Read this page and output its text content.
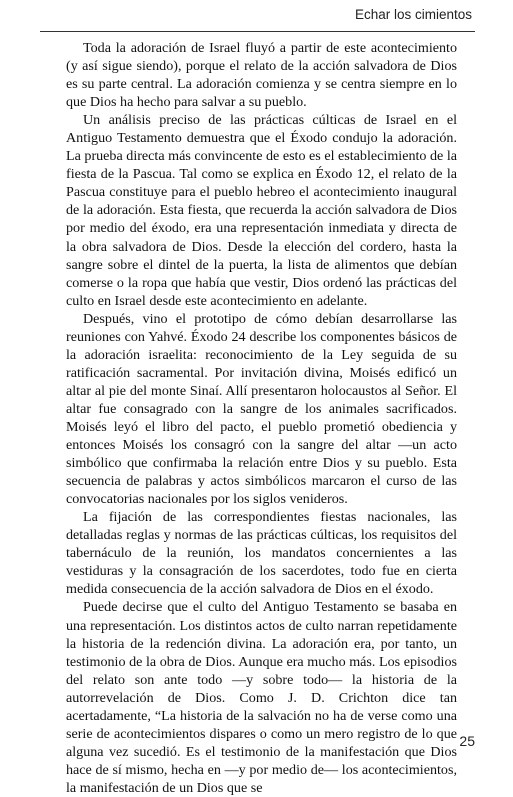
Echar los cimientos

Toda la adoración de Israel fluyó a partir de este acontecimiento (y así sigue siendo), porque el relato de la acción salvadora de Dios es su parte central. La adoración comienza y se centra siempre en lo que Dios ha hecho para salvar a su pueblo.

Un análisis preciso de las prácticas cúlticas de Israel en el Antiguo Testamento demuestra que el Éxodo condujo la adoración. La prueba directa más convincente de esto es el establecimiento de la fiesta de la Pascua. Tal como se explica en Éxodo 12, el relato de la Pascua constituye para el pueblo hebreo el acontecimiento inaugural de la adoración. Esta fiesta, que recuerda la acción salvadora de Dios por medio del éxodo, era una representación inmediata y directa de la obra salvadora de Dios. Desde la elección del cordero, hasta la sangre sobre el dintel de la puerta, la lista de alimentos que debían comerse o la ropa que había que vestir, Dios ordenó las prácticas del culto en Israel desde este acontecimiento en adelante.

Después, vino el prototipo de cómo debían desarrollarse las reuniones con Yahvé. Éxodo 24 describe los componentes básicos de la adoración israelita: reconocimiento de la Ley seguida de su ratificación sacramental. Por invitación divina, Moisés edificó un altar al pie del monte Sinaí. Allí presentaron holocaustos al Señor. El altar fue consagrado con la sangre de los animales sacrificados. Moisés leyó el libro del pacto, el pueblo prometió obediencia y entonces Moisés los consagró con la sangre del altar —un acto simbólico que confirmaba la relación entre Dios y su pueblo. Esta secuencia de palabras y actos simbólicos marcaron el curso de las convocatorias nacionales por los siglos venideros.

La fijación de las correspondientes fiestas nacionales, las detalladas reglas y normas de las prácticas cúlticas, los requisitos del tabernáculo de la reunión, los mandatos concernientes a las vestiduras y la consagración de los sacerdotes, todo fue en cierta medida consecuencia de la acción salvadora de Dios en el éxodo.

Puede decirse que el culto del Antiguo Testamento se basaba en una representación. Los distintos actos de culto narran repetidamente la historia de la redención divina. La adoración era, por tanto, un testimonio de la obra de Dios. Aunque era mucho más. Los episodios del relato son ante todo —y sobre todo— la historia de la autorrevelación de Dios. Como J. D. Crichton dice tan acertadamente, “La historia de la salvación no ha de verse como una serie de acontecimientos dispares o como un mero registro de lo que alguna vez sucedió. Es el testimonio de la manifestación que Dios hace de sí mismo, hecha en —y por medio de— los acontecimientos, la manifestación de un Dios que se

25
